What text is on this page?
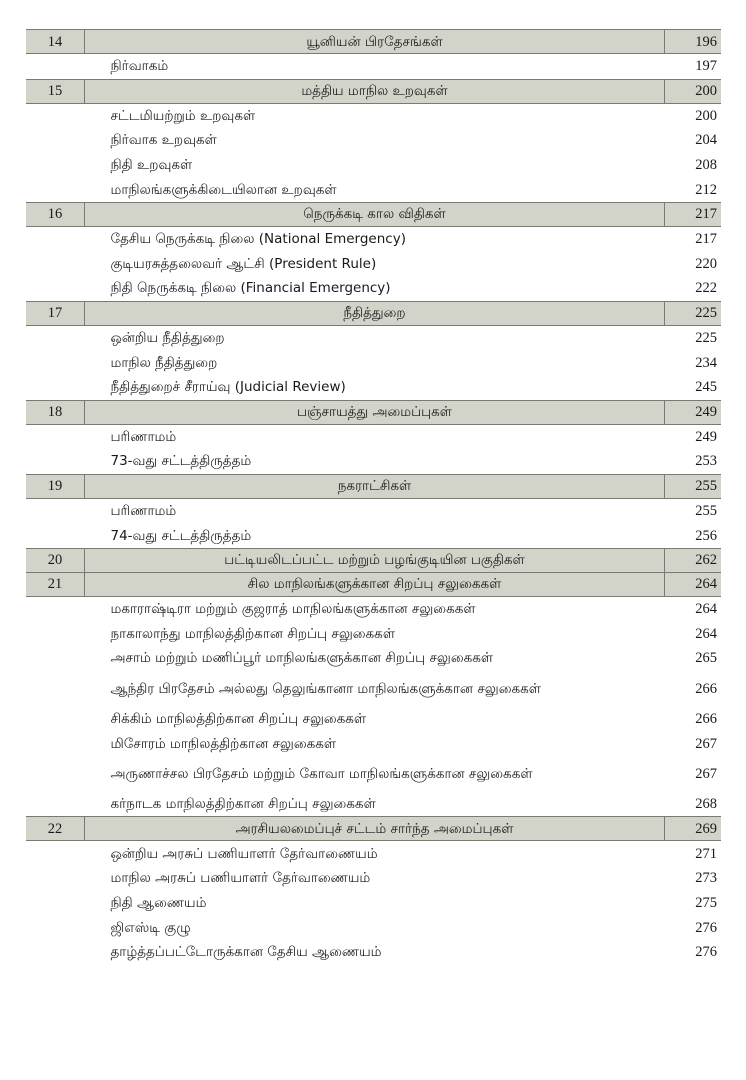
14	யூனியன் பிரதேசங்கள்	196
	நிர்வாகம்	197
15	மத்திய மாநில உறவுகள்	200
	சட்டமியற்றும் உறவுகள்	200
	நிர்வாக உறவுகள்	204
	நிதி உறவுகள்	208
	மாநிலங்களுக்கிடையிலான உறவுகள்	212
16	நெருக்கடி கால விதிகள்	217
	தேசிய நெருக்கடி நிலை (National Emergency)	217
	குடியரசுத்தலைவர் ஆட்சி (President Rule)	220
	நிதி நெருக்கடி நிலை (Financial Emergency)	222
17	நீதித்துறை	225
	ஒன்றிய நீதித்துறை	225
	மாநில நீதித்துறை	234
	நீதித்துறைச் சீராய்வு (Judicial Review)	245
18	பஞ்சாயத்து அமைப்புகள்	249
	பரிணாமம்	249
	73-வது சட்டத்திருத்தம்	253
19	நகராட்சிகள்	255
	பரிணாமம்	255
	74-வது சட்டத்திருத்தம்	256
20	பட்டியலிடப்பட்ட மற்றும் பழங்குடியின பகுதிகள்	262
21	சில மாநிலங்களுக்கான சிறப்பு சலுகைகள்	264
	மகாராஷ்டிரா மற்றும் குஜராத் மாநிலங்களுக்கான சலுகைகள்	264
	நாகாலாந்து மாநிலத்திற்கான சிறப்பு சலுகைகள்	264
	அசாம் மற்றும் மணிப்பூர் மாநிலங்களுக்கான சிறப்பு சலுகைகள்	265
	ஆந்திர பிரதேசம் அல்லது தெலுங்கானா மாநிலங்களுக்கான சலுகைகள்	266
	சிக்கிம் மாநிலத்திற்கான சிறப்பு சலுகைகள்	266
	மிசோரம் மாநிலத்திற்கான சலுகைகள்	267
	அருணாச்சல பிரதேசம் மற்றும் கோவா மாநிலங்களுக்கான சலுகைகள்	267
	கர்நாடக மாநிலத்திற்கான சிறப்பு சலுகைகள்	268
22	அரசியலமைப்புச் சட்டம் சார்ந்த அமைப்புகள்	269
	ஒன்றிய அரசுப் பணியாளர் தேர்வாணையம்	271
	மாநில அரசுப் பணியாளர் தேர்வாணையம்	273
	நிதி ஆணையம்	275
	ஜிஎஸ்டி குழு	276
	தாழ்த்தப்பட்டோருக்கான தேசிய ஆணையம்	276
